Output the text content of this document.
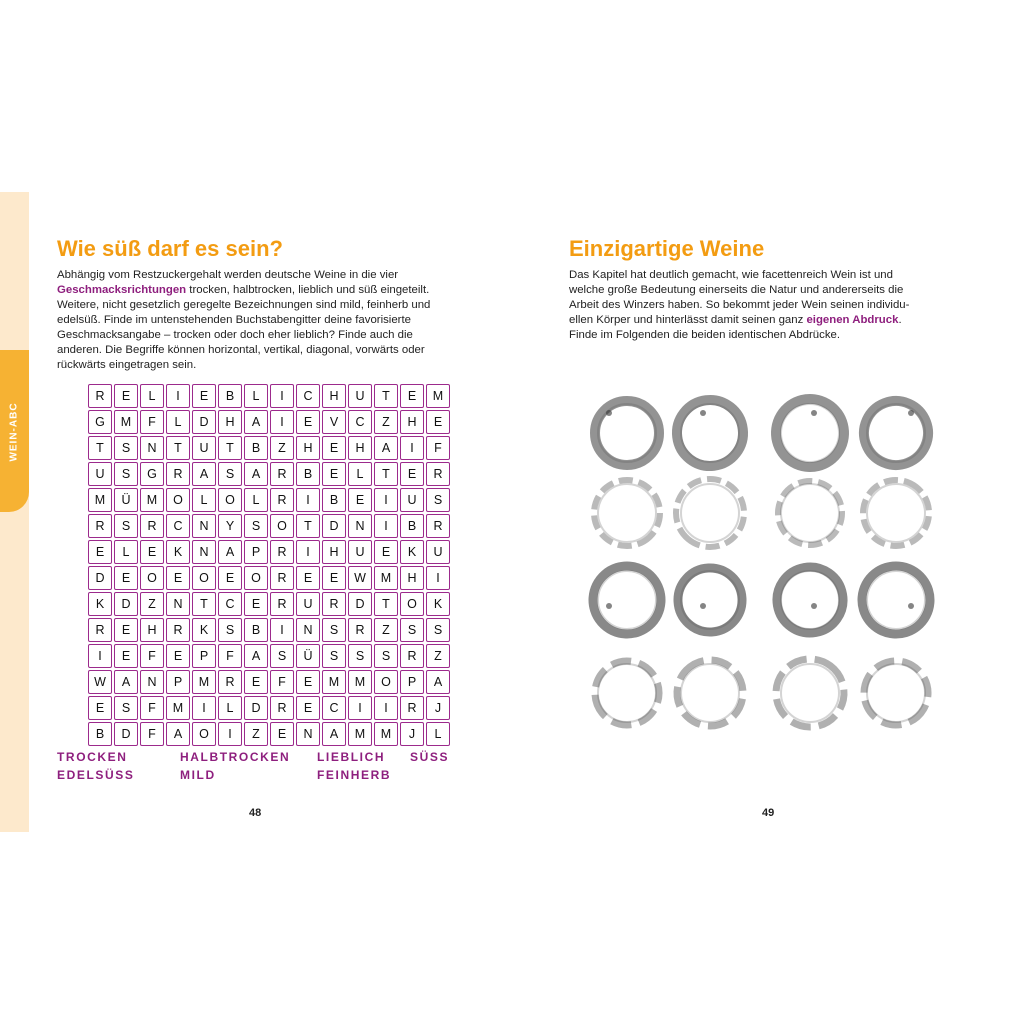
WEIN-ABC
Wie süß darf es sein?
Abhängig vom Restzuckergehalt werden deutsche Weine in die vier
Geschmacksrichtungen trocken, halbtrocken, lieblich und süß eingeteilt.
Weitere, nicht gesetzlich geregelte Bezeichnungen sind mild, feinherb und
edelsüß. Finde im untenstehenden Buchstabengitter deine favorisierte
Geschmacksangabe – trocken oder doch eher lieblich? Finde auch die
anderen. Die Begriffe können horizontal, vertikal, diagonal, vorwärts oder
rückwärts eingetragen sein.
R	E	L	I	E	B	L	I	C	H	U	T	E	M
G	M	F	L	D	H	A	I	E	V	C	Z	H	E
T	S	N	T	U	T	B	Z	H	E	H	A	I	F
U	S	G	R	A	S	A	R	B	E	L	T	E	R
M	Ü	M	O	L	O	L	R	I	B	E	I	U	S
R	S	R	C	N	Y	S	O	T	D	N	I	B	R
E	L	E	K	N	A	P	R	I	H	U	E	K	U
D	E	O	E	O	E	O	R	E	E	W	M	H	I
K	D	Z	N	T	C	E	R	U	R	D	T	O	K
R	E	H	R	K	S	B	I	N	S	R	Z	S	S
I	E	F	E	P	F	A	S	Ü	S	S	S	R	Z
W	A	N	P	M	R	E	F	E	M	M	O	P	A
E	S	F	M	I	L	D	R	E	C	I	I	R	J
B	D	F	A	O	I	Z	E	N	A	M	M	J	L
TROCKEN	HALBTROCKEN LIEBLICH SÜSS
EDELSÜSS	MILD	FEINHERB
48
Einzigartige Weine
Das Kapitel hat deutlich gemacht, wie facettenreich Wein ist und
welche große Bedeutung einerseits die Natur und andererseits die
Arbeit des Winzers haben. So bekommt jeder Wein seinen individu-
ellen Körper und hinterlässt damit seinen ganz eigenen Abdruck.
Finde im Folgenden die beiden identischen Abdrücke.
49
